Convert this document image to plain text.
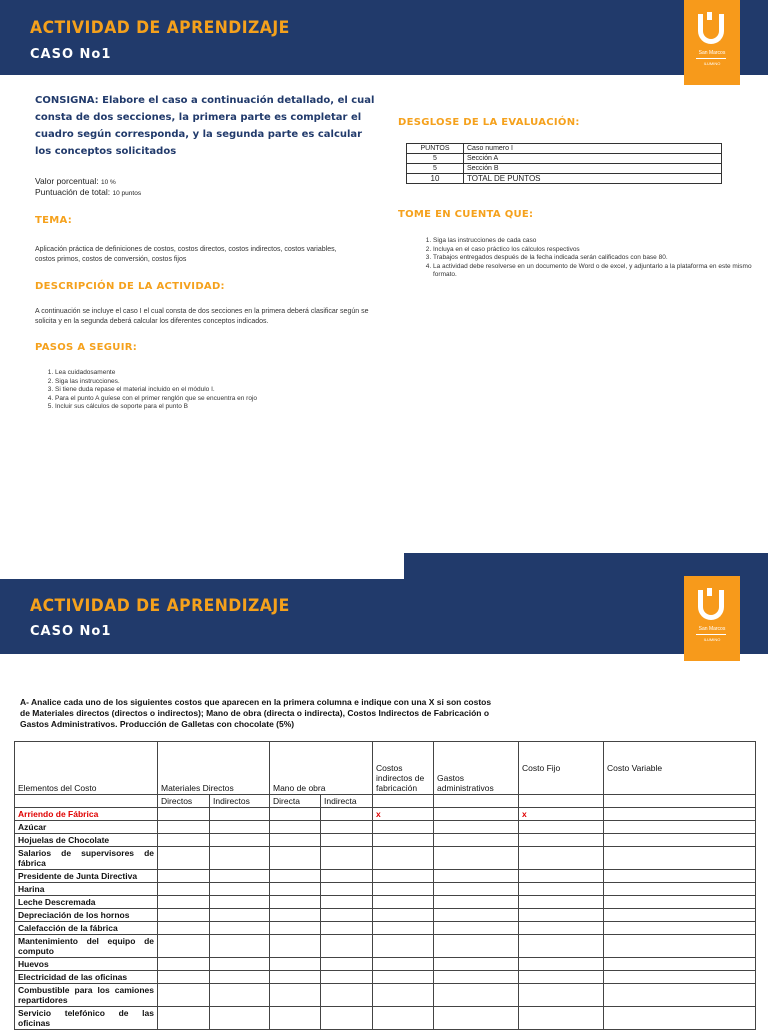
ACTIVIDAD DE APRENDIZAJE
CASO No1	San Marcos
ILUMINO
CONSIGNA: Elabore el caso a continuación detallado, el cual consta de dos secciones, la primera parte es completar el cuadro según corresponda, y la segunda parte es calcular los conceptos solicitados
Valor porcentual: 10 %
Puntuación de total: 10 puntos
TEMA:
Aplicación práctica de definiciones de costos, costos directos, costos indirectos, costos variables, costos primos, costos de conversión, costos fijos
DESCRIPCIÓN DE LA ACTIVIDAD:
A continuación se incluye el caso I el cual consta de dos secciones en la primera deberá clasificar según se solicita y en la segunda deberá calcular los diferentes conceptos indicados.
PASOS A SEGUIR:
1. Lea cuidadosamente
2. Siga las instrucciones.
3. Si tiene duda repase el material incluido en el módulo I.
4. Para el punto A guíese con el primer renglón que se encuentra en rojo
5. Incluir sus cálculos de soporte para el punto B
DESGLOSE DE LA EVALUACIÓN:
PUNTOS	Caso numero I
5	Sección A
5	Sección B
10	TOTAL DE PUNTOS
TOME EN CUENTA QUE:
1. Siga las instrucciones de cada caso
2. Incluya en el caso práctico los cálculos respectivos
3. Trabajos entregados después de la fecha indicada serán calificados con base 80.
4. La actividad debe resolverse en un documento de Word o de excel, y adjuntarlo a la plataforma en este mismo formato.
ACTIVIDAD DE APRENDIZAJE
CASO No1	San Marcos
ILUMINO
A- Analice cada uno de los siguientes costos que aparecen en la primera columna e indique con una X si son costos de Materiales directos (directos o indirectos); Mano de obra (directa o indirecta), Costos Indirectos de Fabricación o Gastos Administrativos. Producción de Galletas con chocolate (5%)
Elementos del Costo	Materiales Directos		Mano de obra		Costos indirectos de fabricación	Gastos administrativos	Costo Fijo	Costo Variable
	Directos	Indirectos	Directa	Indirecta				
Arriendo de Fábrica					x		x	
Azúcar								
Hojuelas de Chocolate								
Salarios de supervisores de fábrica								
Presidente de Junta Directiva								
Harina								
Leche Descremada								
Depreciación de los hornos								
Calefacción de la fábrica								
Mantenimiento del equipo de computo								
Huevos								
Electricidad de las oficinas								
Combustible para los camiones repartidores								
Servicio telefónico de las oficinas								
